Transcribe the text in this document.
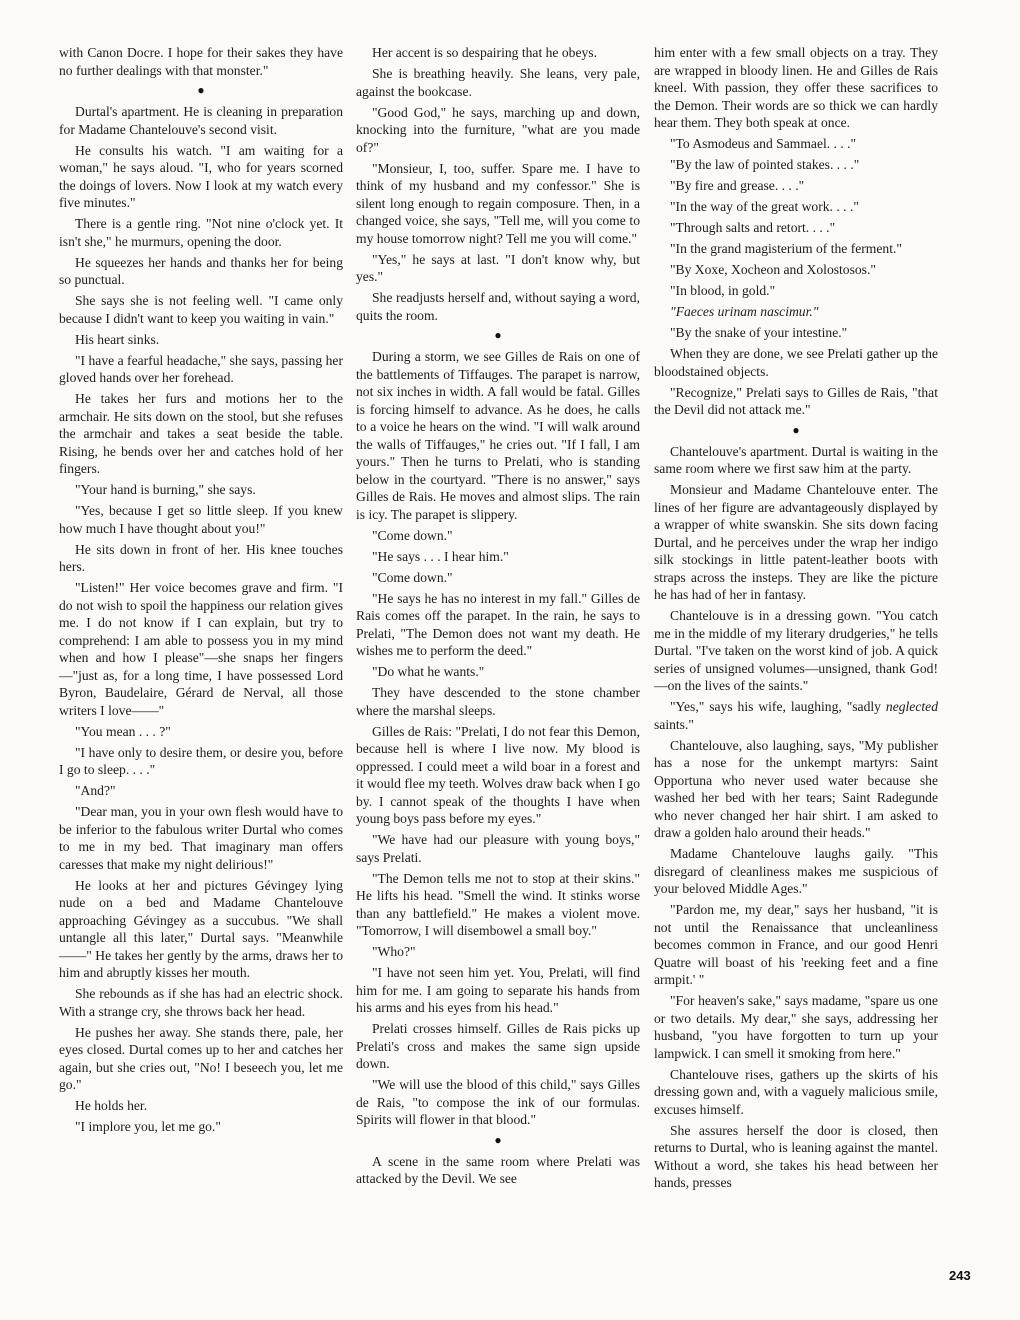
with Canon Docre. I hope for their sakes they have no further dealings with that monster."

●

Durtal's apartment. He is cleaning in preparation for Madame Chantelouve's second visit.

He consults his watch. "I am waiting for a woman," he says aloud. "I, who for years scorned the doings of lovers. Now I look at my watch every five minutes."

There is a gentle ring. "Not nine o'clock yet. It isn't she," he murmurs, opening the door.

He squeezes her hands and thanks her for being so punctual.

She says she is not feeling well. "I came only because I didn't want to keep you waiting in vain."

His heart sinks.

"I have a fearful headache," she says, passing her gloved hands over her forehead.

He takes her furs and motions her to the armchair. He sits down on the stool, but she refuses the armchair and takes a seat beside the table. Rising, he bends over her and catches hold of her fingers.

"Your hand is burning," she says.

"Yes, because I get so little sleep. If you knew how much I have thought about you!"

He sits down in front of her. His knee touches hers.

"Listen!" Her voice becomes grave and firm. "I do not wish to spoil the happiness our relation gives me. I do not know if I can explain, but try to comprehend: I am able to possess you in my mind when and how I please"—she snaps her fingers—"just as, for a long time, I have possessed Lord Byron, Baudelaire, Gérard de Nerval, all those writers I love——"

"You mean . . . ?"

"I have only to desire them, or desire you, before I go to sleep. . . ."

"And?"

"Dear man, you in your own flesh would have to be inferior to the fabulous writer Durtal who comes to me in my bed. That imaginary man offers caresses that make my night delirious!"

He looks at her and pictures Gévingey lying nude on a bed and Madame Chantelouve approaching Gévingey as a succubus. "We shall untangle all this later," Durtal says. "Meanwhile——" He takes her gently by the arms, draws her to him and abruptly kisses her mouth.

She rebounds as if she has had an electric shock. With a strange cry, she throws back her head.

He pushes her away. She stands there, pale, her eyes closed. Durtal comes up to her and catches her again, but she cries out, "No! I beseech you, let me go."

He holds her.

"I implore you, let me go."

Her accent is so despairing that he obeys.

She is breathing heavily. She leans, very pale, against the bookcase.

"Good God," he says, marching up and down, knocking into the furniture, "what are you made of?"

"Monsieur, I, too, suffer. Spare me. I have to think of my husband and my confessor." She is silent long enough to regain composure. Then, in a changed voice, she says, "Tell me, will you come to my house tomorrow night? Tell me you will come."

"Yes," he says at last. "I don't know why, but yes."

She readjusts herself and, without saying a word, quits the room.

●

During a storm, we see Gilles de Rais on one of the battlements of Tiffauges. The parapet is narrow, not six inches in width. A fall would be fatal. Gilles is forcing himself to advance. As he does, he calls to a voice he hears on the wind. "I will walk around the walls of Tiffauges," he cries out. "If I fall, I am yours." Then he turns to Prelati, who is standing below in the courtyard. "There is no answer," says Gilles de Rais. He moves and almost slips. The rain is icy. The parapet is slippery.

"Come down."

"He says . . . I hear him."

"Come down."

"He says he has no interest in my fall." Gilles de Rais comes off the parapet. In the rain, he says to Prelati, "The Demon does not want my death. He wishes me to perform the deed."

"Do what he wants."

They have descended to the stone chamber where the marshal sleeps.

Gilles de Rais: "Prelati, I do not fear this Demon, because hell is where I live now. My blood is oppressed. I could meet a wild boar in a forest and it would flee my teeth. Wolves draw back when I go by. I cannot speak of the thoughts I have when young boys pass before my eyes."

"We have had our pleasure with young boys," says Prelati.

"The Demon tells me not to stop at their skins." He lifts his head. "Smell the wind. It stinks worse than any battlefield." He makes a violent move. "Tomorrow, I will disembowel a small boy."

"Who?"

"I have not seen him yet. You, Prelati, will find him for me. I am going to separate his hands from his arms and his eyes from his head."

Prelati crosses himself. Gilles de Rais picks up Prelati's cross and makes the same sign upside down.

"We will use the blood of this child," says Gilles de Rais, "to compose the ink of our formulas. Spirits will flower in that blood."

●

A scene in the same room where Prelati was attacked by the Devil. We see

him enter with a few small objects on a tray. They are wrapped in bloody linen. He and Gilles de Rais kneel. With passion, they offer these sacrifices to the Demon. Their words are so thick we can hardly hear them. They both speak at once.

"To Asmodeus and Sammael. . . ."

"By the law of pointed stakes. . . ."

"By fire and grease. . . ."

"In the way of the great work. . . ."

"Through salts and retort. . . ."

"In the grand magisterium of the ferment."

"By Xoxe, Xocheon and Xolostosos."

"In blood, in gold."

"Faeces urinam nascimur."

"By the snake of your intestine."

When they are done, we see Prelati gather up the bloodstained objects.

"Recognize," Prelati says to Gilles de Rais, "that the Devil did not attack me."

●

Chantelouve's apartment. Durtal is waiting in the same room where we first saw him at the party.

Monsieur and Madame Chantelouve enter. The lines of her figure are advantageously displayed by a wrapper of white swanskin. She sits down facing Durtal, and he perceives under the wrap her indigo silk stockings in little patent-leather boots with straps across the insteps. They are like the picture he has had of her in fantasy.

Chantelouve is in a dressing gown. "You catch me in the middle of my literary drudgeries," he tells Durtal. "I've taken on the worst kind of job. A quick series of unsigned volumes—unsigned, thank God!—on the lives of the saints."

"Yes," says his wife, laughing, "sadly neglected saints."

Chantelouve, also laughing, says, "My publisher has a nose for the unkempt martyrs: Saint Opportuna who never used water because she washed her bed with her tears; Saint Radegunde who never changed her hair shirt. I am asked to draw a golden halo around their heads."

Madame Chantelouve laughs gaily. "This disregard of cleanliness makes me suspicious of your beloved Middle Ages."

"Pardon me, my dear," says her husband, "it is not until the Renaissance that uncleanliness becomes common in France, and our good Henri Quatre will boast of his 'reeking feet and a fine armpit.' "

"For heaven's sake," says madame, "spare us one or two details. My dear," she says, addressing her husband, "you have forgotten to turn up your lampwick. I can smell it smoking from here."

Chantelouve rises, gathers up the skirts of his dressing gown and, with a vaguely malicious smile, excuses himself.

She assures herself the door is closed, then returns to Durtal, who is leaning against the mantel. Without a word, she takes his head between her hands, presses

243
